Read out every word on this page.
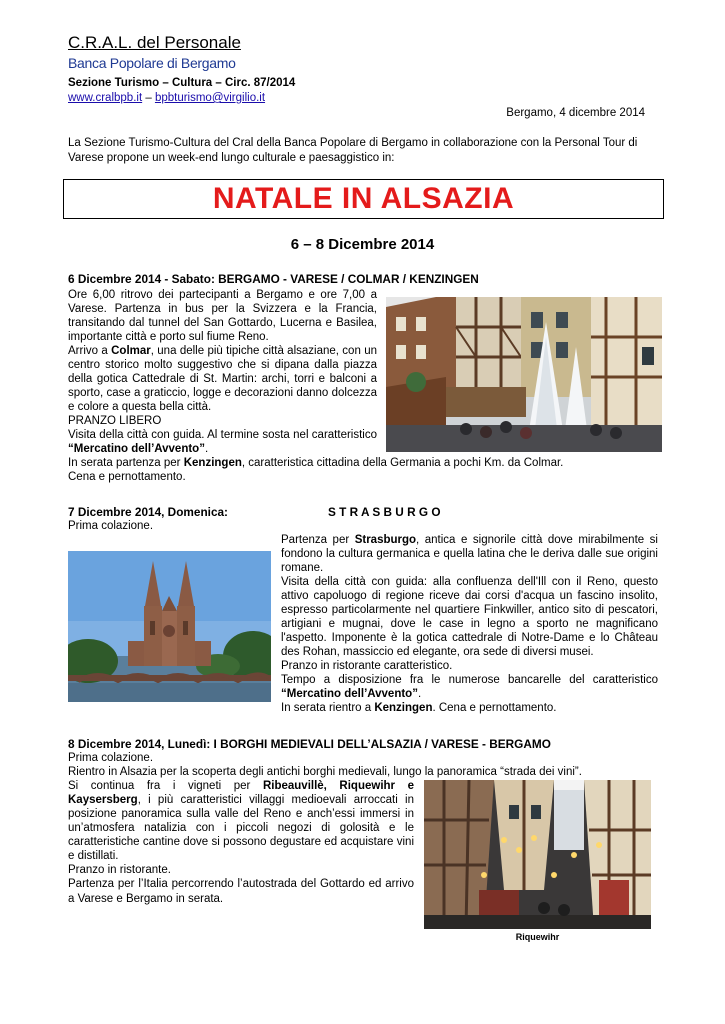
C.R.A.L. del Personale
Banca Popolare di Bergamo
Sezione Turismo – Cultura – Circ. 87/2014
www.cralbpb.it – bpbturismo@virgilio.it
Bergamo, 4 dicembre 2014
La Sezione Turismo-Cultura del Cral della Banca Popolare di Bergamo in collaborazione con la Personal Tour di Varese propone un week-end lungo culturale e paesaggistico in:
NATALE IN ALSAZIA
6 – 8 Dicembre 2014
6 Dicembre 2014 - Sabato: BERGAMO - VARESE / COLMAR / KENZINGEN
Ore 6,00 ritrovo dei partecipanti a Bergamo e ore 7,00 a Varese. Partenza in bus per la Svizzera e la Francia, transitando dal tunnel del San Gottardo, Lucerna e Basilea, importante città e porto sul fiume Reno.
Arrivo a Colmar, una delle più tipiche città alsaziane, con un centro storico molto suggestivo che si dipana dalla piazza della gotica Cattedrale di St. Martin: archi, torri e balconi a sporto, case a graticcio, logge e decorazioni danno dolcezza e colore a questa bella città.
PRANZO LIBERO
Visita della città con guida. Al termine sosta nel caratteristico “Mercatino dell’Avvento”.
In serata partenza per Kenzingen, caratteristica cittadina della Germania a pochi Km. da Colmar.
Cena e pernottamento.
7 Dicembre 2014, Domenica:	S T R A S B U R G O
Prima colazione.
Partenza per Strasburgo, antica e signorile città dove mirabilmente si fondono la cultura germanica e quella latina che le deriva dalle sue origini romane.
Visita della città con guida: alla confluenza dell'Ill con il Reno, questo attivo capoluogo di regione riceve dai corsi d'acqua un fascino insolito, espresso particolarmente nel quartiere Finkwiller, antico sito di pescatori, artigiani e mugnai, dove le case in legno a sporto ne magnificano l'aspetto. Imponente è la gotica cattedrale di Notre-Dame e lo Château des Rohan, massiccio ed elegante, ora sede di diversi musei.
Pranzo in ristorante caratteristico.
Tempo a disposizione fra le numerose bancarelle del caratteristico “Mercatino dell’Avvento”.
In serata rientro a Kenzingen. Cena e pernottamento.
8 Dicembre 2014, Lunedì: I BORGHI MEDIEVALI DELL’ALSAZIA / VARESE - BERGAMO
Prima colazione.
Rientro in Alsazia per la scoperta degli antichi borghi medievali, lungo la panoramica “strada dei vini”.
Si continua fra i vigneti per Ribeauvillè, Riquewihr e Kaysersberg, i più caratteristici villaggi medioevali arroccati in posizione panoramica sulla valle del Reno e anch’essi immersi in un’atmosfera natalizia con i piccoli negozi di golosità e le caratteristiche cantine dove si possono degustare ed acquistare vini e distillati.
Pranzo in ristorante.
Partenza per l’Italia percorrendo l’autostrada del Gottardo ed arrivo a Varese e Bergamo in serata.
Riquewihr
